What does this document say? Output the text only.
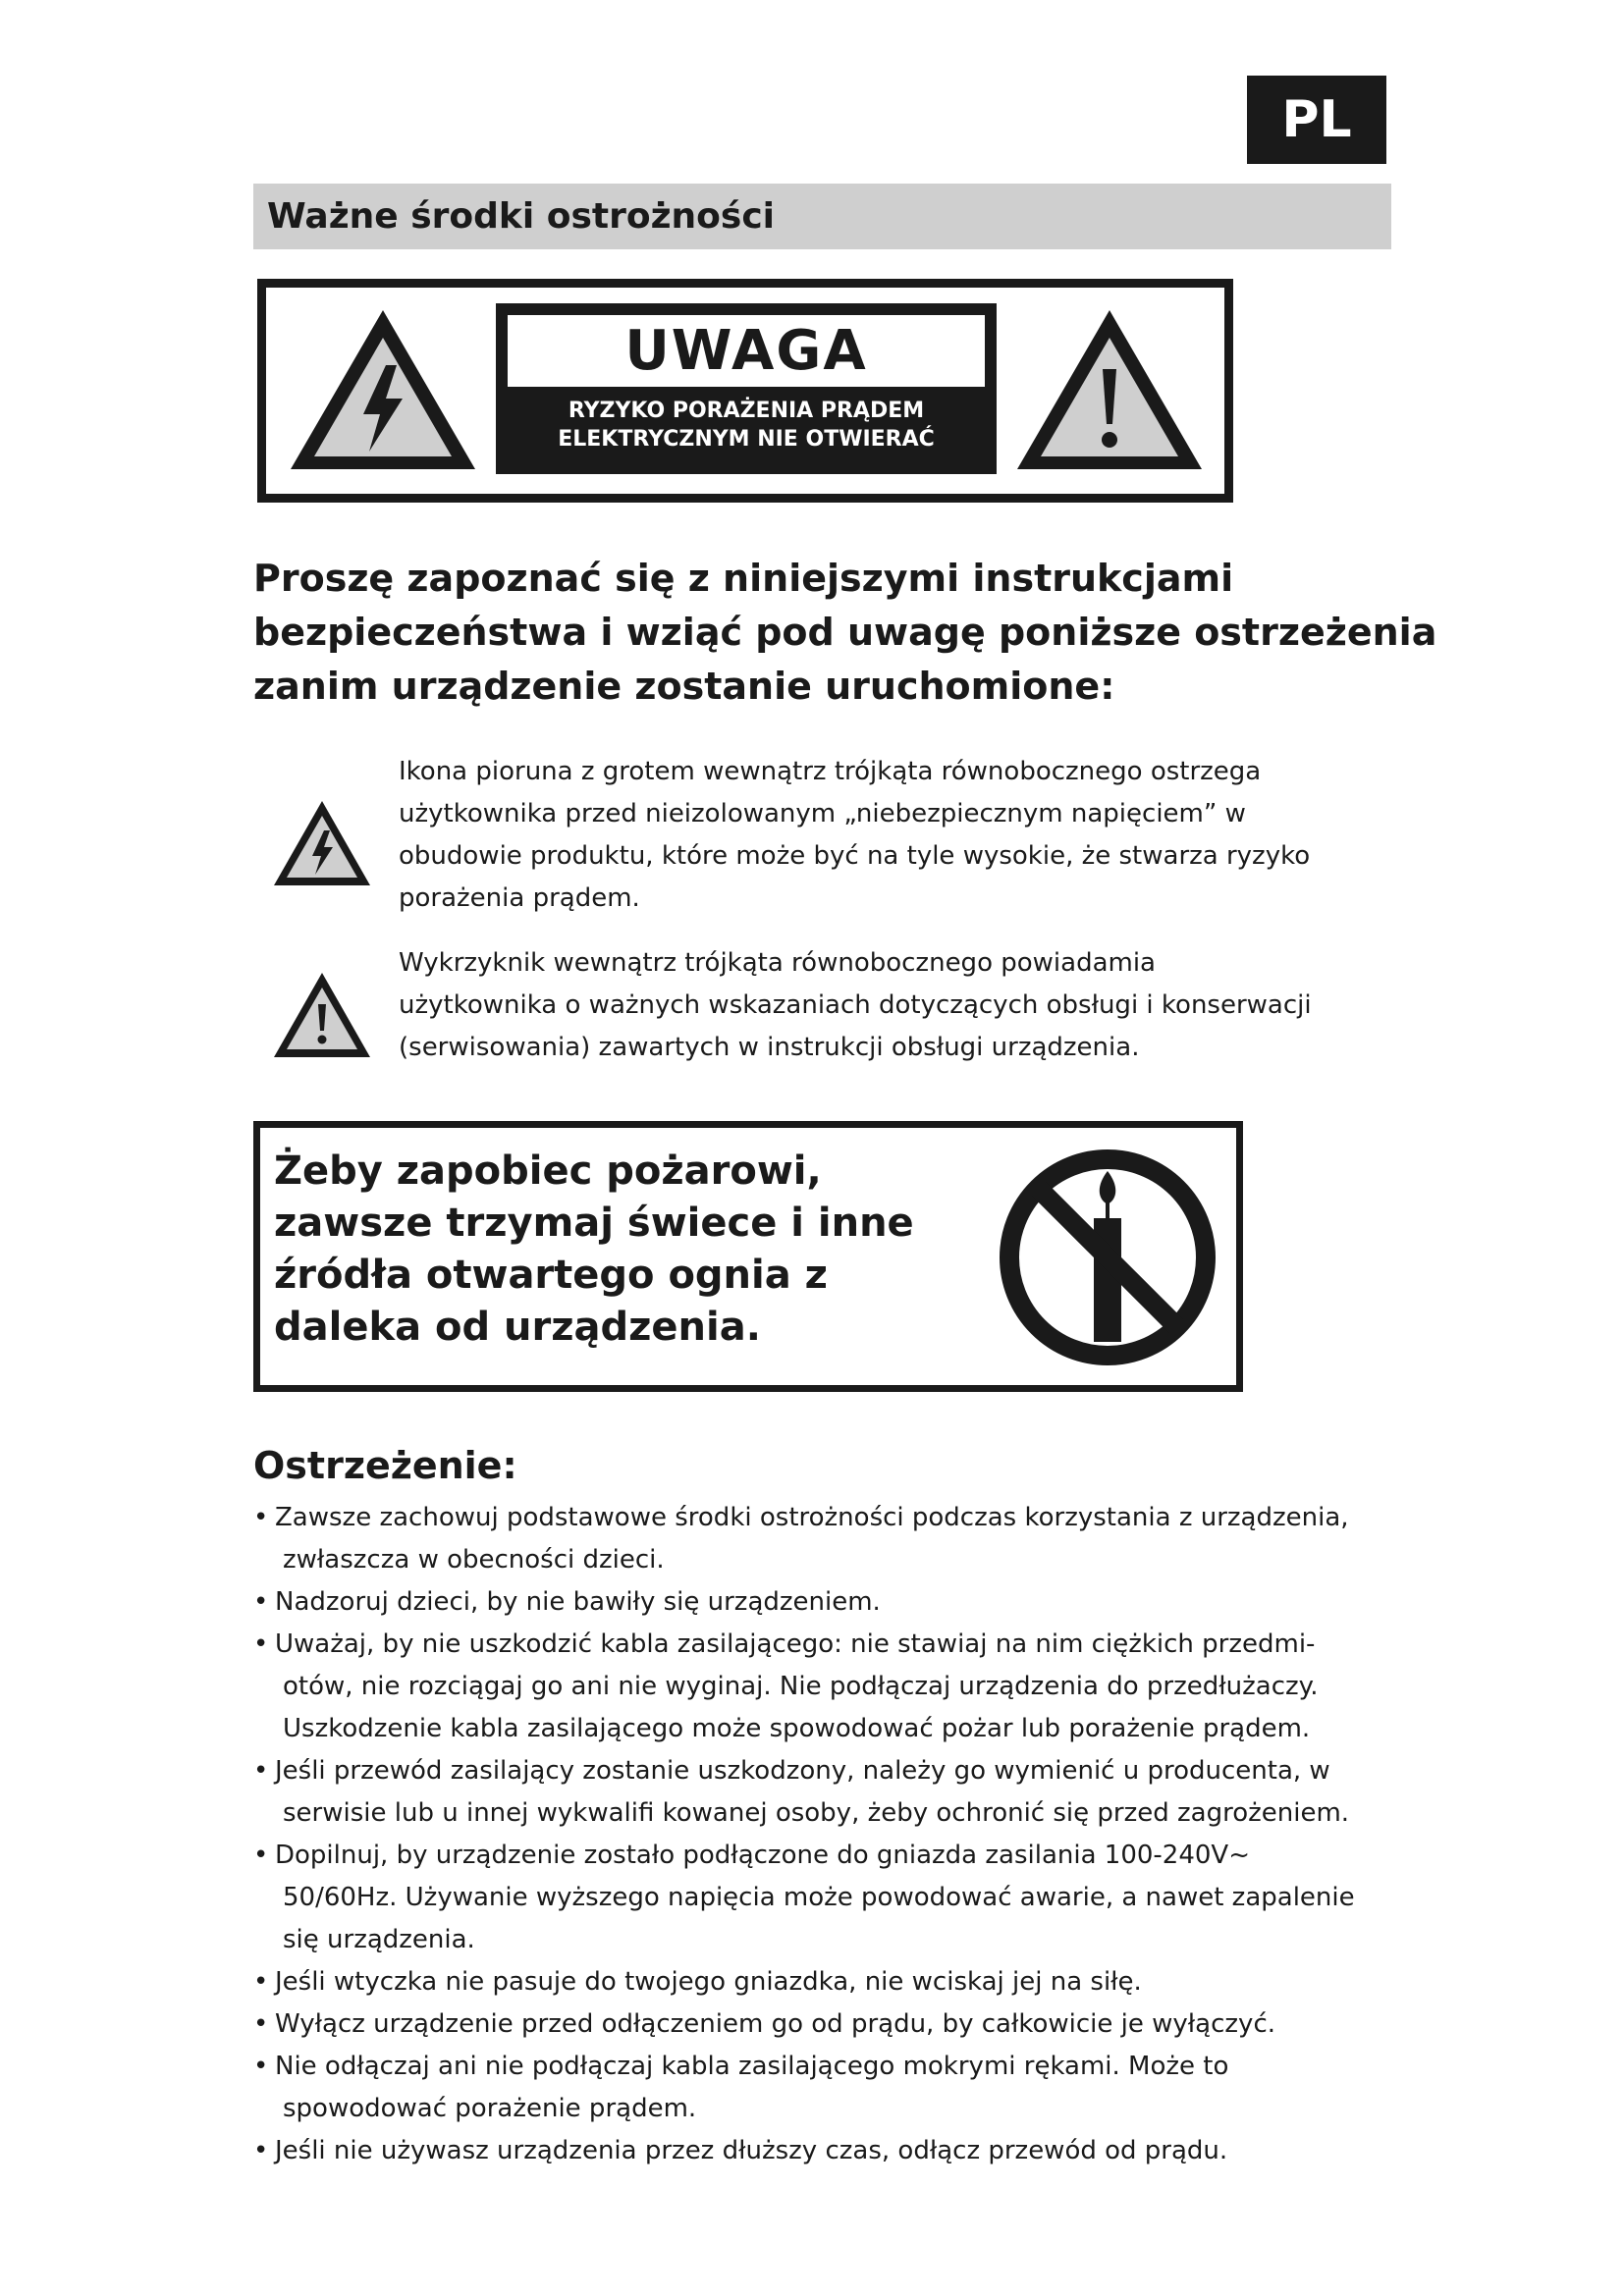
PL
Ważne środki ostrożności
UWAGA
RYZYKO PORAŻENIA PRĄDEM
ELEKTRYCZNYM NIE OTWIERAĆ
Proszę zapoznać się z niniejszymi instrukcjami
bezpieczeństwa i wziąć pod uwagę poniższe ostrzeżenia
zanim urządzenie zostanie uruchomione:
Ikona pioruna z grotem wewnątrz trójkąta równobocznego ostrzega
użytkownika przed nieizolowanym „niebezpiecznym napięciem” w
obudowie produktu, które może być na tyle wysokie, że stwarza ryzyko
porażenia prądem.
Wykrzyknik wewnątrz trójkąta równobocznego powiadamia
użytkownika o ważnych wskazaniach dotyczących obsługi i konserwacji
(serwisowania) zawartych w instrukcji obsługi urządzenia.
Żeby zapobiec pożarowi,
zawsze trzymaj świece i inne
źródła otwartego ognia z
daleka od urządzenia.
Ostrzeżenie:
• Zawsze zachowuj podstawowe środki ostrożności podczas korzystania z urządzenia,
zwłaszcza w obecności dzieci.
• Nadzoruj dzieci, by nie bawiły się urządzeniem.
• Uważaj, by nie uszkodzić kabla zasilającego: nie stawiaj na nim ciężkich przedmi-
otów, nie rozciągaj go ani nie wyginaj. Nie podłączaj urządzenia do przedłużaczy.
Uszkodzenie kabla zasilającego może spowodować pożar lub porażenie prądem.
• Jeśli przewód zasilający zostanie uszkodzony, należy go wymienić u producenta, w
serwisie lub u innej wykwalifi kowanej osoby, żeby ochronić się przed zagrożeniem.
• Dopilnuj, by urządzenie zostało podłączone do gniazda zasilania 100-240V~
50/60Hz. Używanie wyższego napięcia może powodować awarie, a nawet zapalenie
się urządzenia.
• Jeśli wtyczka nie pasuje do twojego gniazdka, nie wciskaj jej na siłę.
• Wyłącz urządzenie przed odłączeniem go od prądu, by całkowicie je wyłączyć.
• Nie odłączaj ani nie podłączaj kabla zasilającego mokrymi rękami. Może to
spowodować porażenie prądem.
• Jeśli nie używasz urządzenia przez dłuższy czas, odłącz przewód od prądu.
